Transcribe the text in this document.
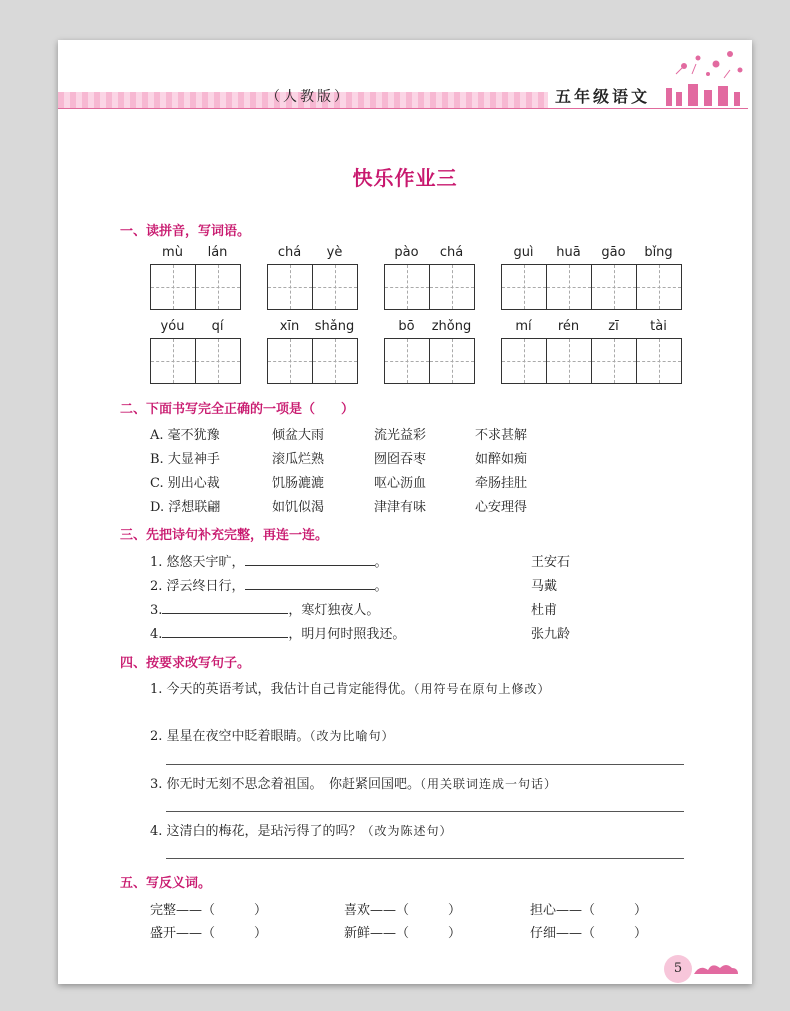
（人教版）	五年级语文
快乐作业三
一、读拼音，写词语。
mù	lán	chá	yè	pào	chá	guì	huā	gāo	bǐng
yóu	qí	xīn	shǎng	bō	zhǒng	mí	rén	zī	tài
二、下面书写完全正确的一项是（　　）
A. 毫不犹豫	倾盆大雨	流光益彩	不求甚解
B. 大显神手	滚瓜烂熟	囫囵吞枣	如醉如痴
C. 别出心裁	饥肠漉漉	呕心沥血	牵肠挂肚
D. 浮想联翩	如饥似渴	津津有味	心安理得
三、先把诗句补充完整，再连一连。
1. 悠悠天宇旷，	。	王安石
2. 浮云终日行，	。	马戴
3.	，寒灯独夜人。	杜甫
4.	，明月何时照我还。	张九龄
四、按要求改写句子。
1. 今天的英语考试，我估计自己肯定能得优。（用符号在原句上修改）
2. 星星在夜空中眨着眼睛。（改为比喻句）
3. 你无时无刻不思念着祖国。　你赶紧回国吧。（用关联词连成一句话）
4. 这清白的梅花，是玷污得了的吗？（改为陈述句）
五、写反义词。
完整——（　　　）	喜欢——（　　　）	担心——（　　　）
盛开——（　　　）	新鲜——（　　　）	仔细——（　　　）
5
